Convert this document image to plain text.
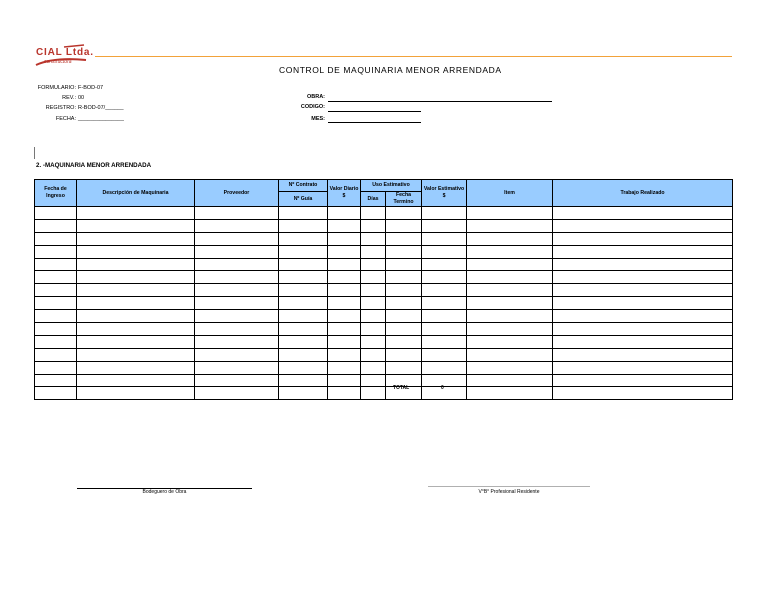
CIAL Ltda.
constructora
CONTROL DE MAQUINARIA MENOR ARRENDADA
FORMULARIO: F-BOD-07
REV.: 00
REGISTRO: R-BOD-07/______
FECHA: _______________
OBRA:
CODIGO:
MES:
2. -MAQUINARIA MENOR ARRENDADA
Fecha de Ingreso	Descripción de Maquinaria	Proveedor	Nº Contrato	Valor Diario $	Uso Estimativo		Valor Estimativo $	Item	Trabajo Realizado
			Nº Guía		Días	Fecha Termino			

TOTAL	0
Bodeguero de Obra	V°B° Profesional Residente
